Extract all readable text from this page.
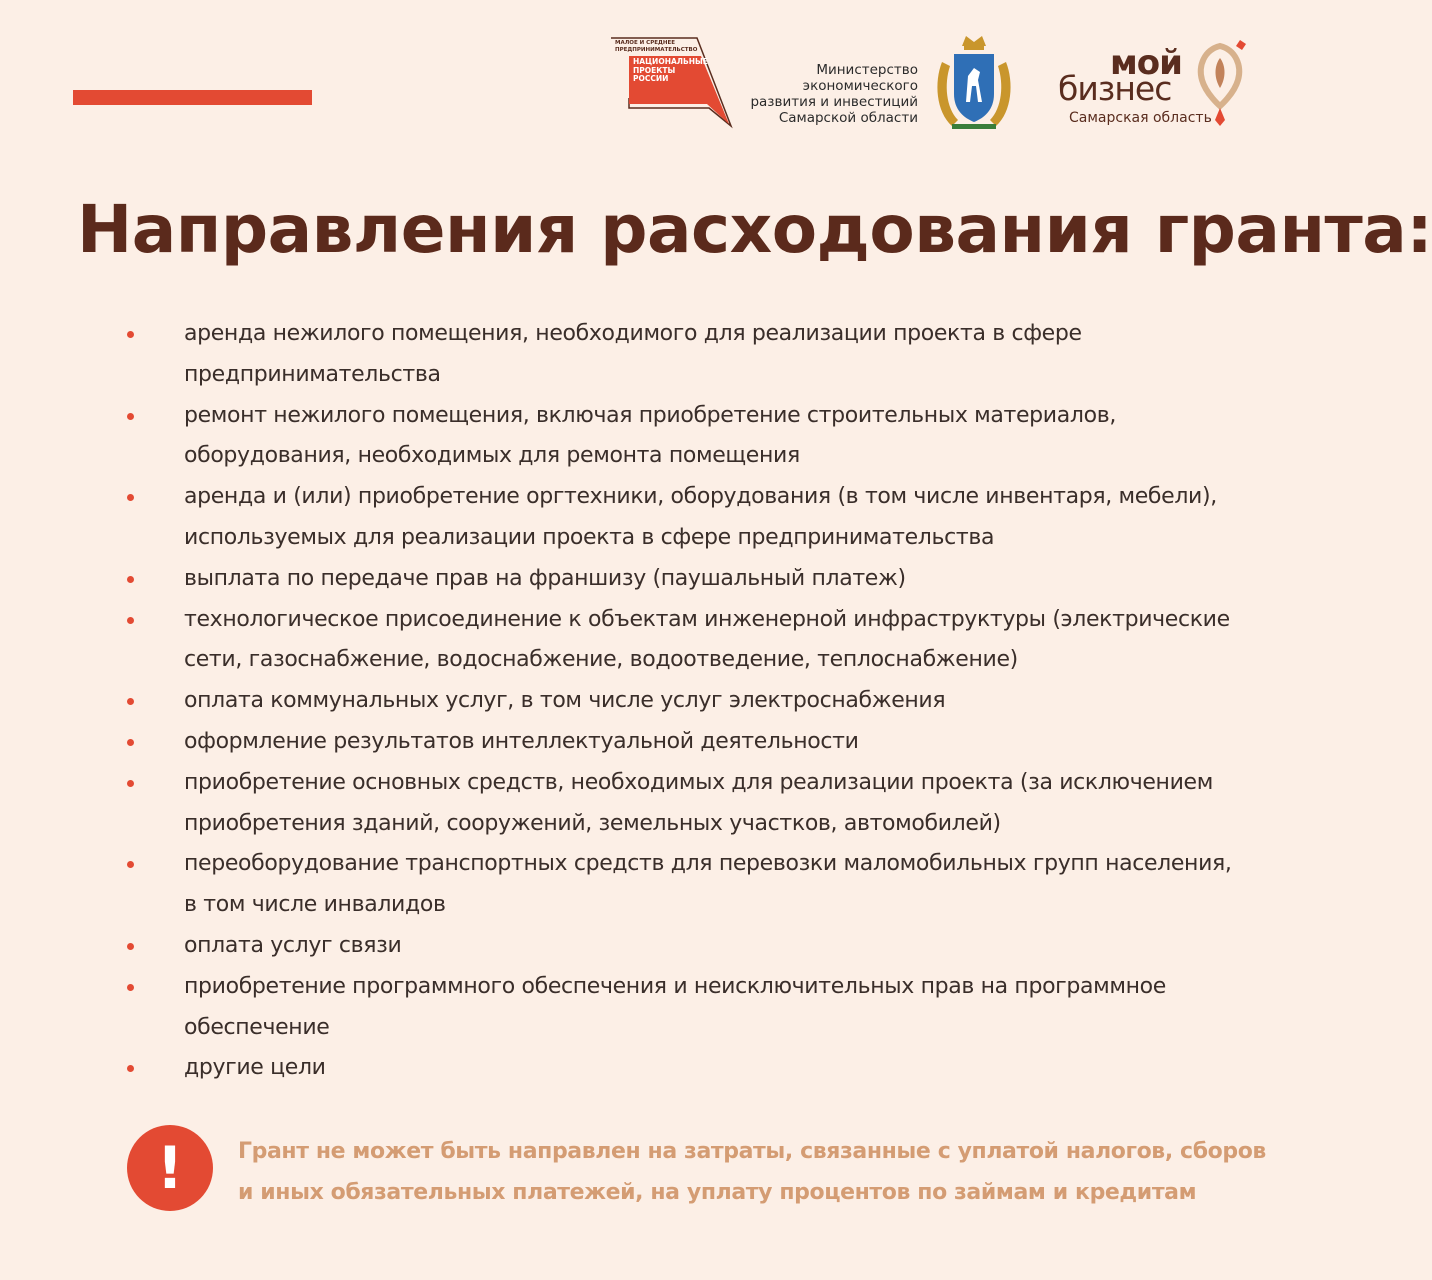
МАЛОЕ И СРЕДНЕЕ ПРЕДПРИНИМАТЕЛЬСТВО
НАЦИОНАЛЬНЫЕ ПРОЕКТЫ РОССИИ
Министерство
экономического
развития и инвестиций
Самарской области
мой
бизнес
Самарская область
Направления расходования гранта:
аренда нежилого помещения, необходимого для реализации проекта в сфере предпринимательства
ремонт нежилого помещения, включая приобретение строительных материалов, оборудования, необходимых для ремонта помещения
аренда и (или) приобретение оргтехники, оборудования (в том числе инвентаря, мебели), используемых для реализации проекта в сфере предпринимательства
выплата по передаче прав на франшизу (паушальный платеж)
технологическое присоединение к объектам инженерной инфраструктуры (электрические сети, газоснабжение, водоснабжение, водоотведение, теплоснабжение)
оплата коммунальных услуг, в том числе услуг электроснабжения
оформление результатов интеллектуальной деятельности
приобретение основных средств, необходимых для реализации проекта (за исключением приобретения зданий, сооружений, земельных участков, автомобилей)
переоборудование транспортных средств для перевозки маломобильных групп населения, в том числе инвалидов
оплата услуг связи
приобретение программного обеспечения и неисключительных прав на программное обеспечение
другие цели
!	Грант не может быть направлен на затраты, связанные с уплатой налогов, сборов
и иных обязательных платежей, на уплату процентов по займам и кредитам
